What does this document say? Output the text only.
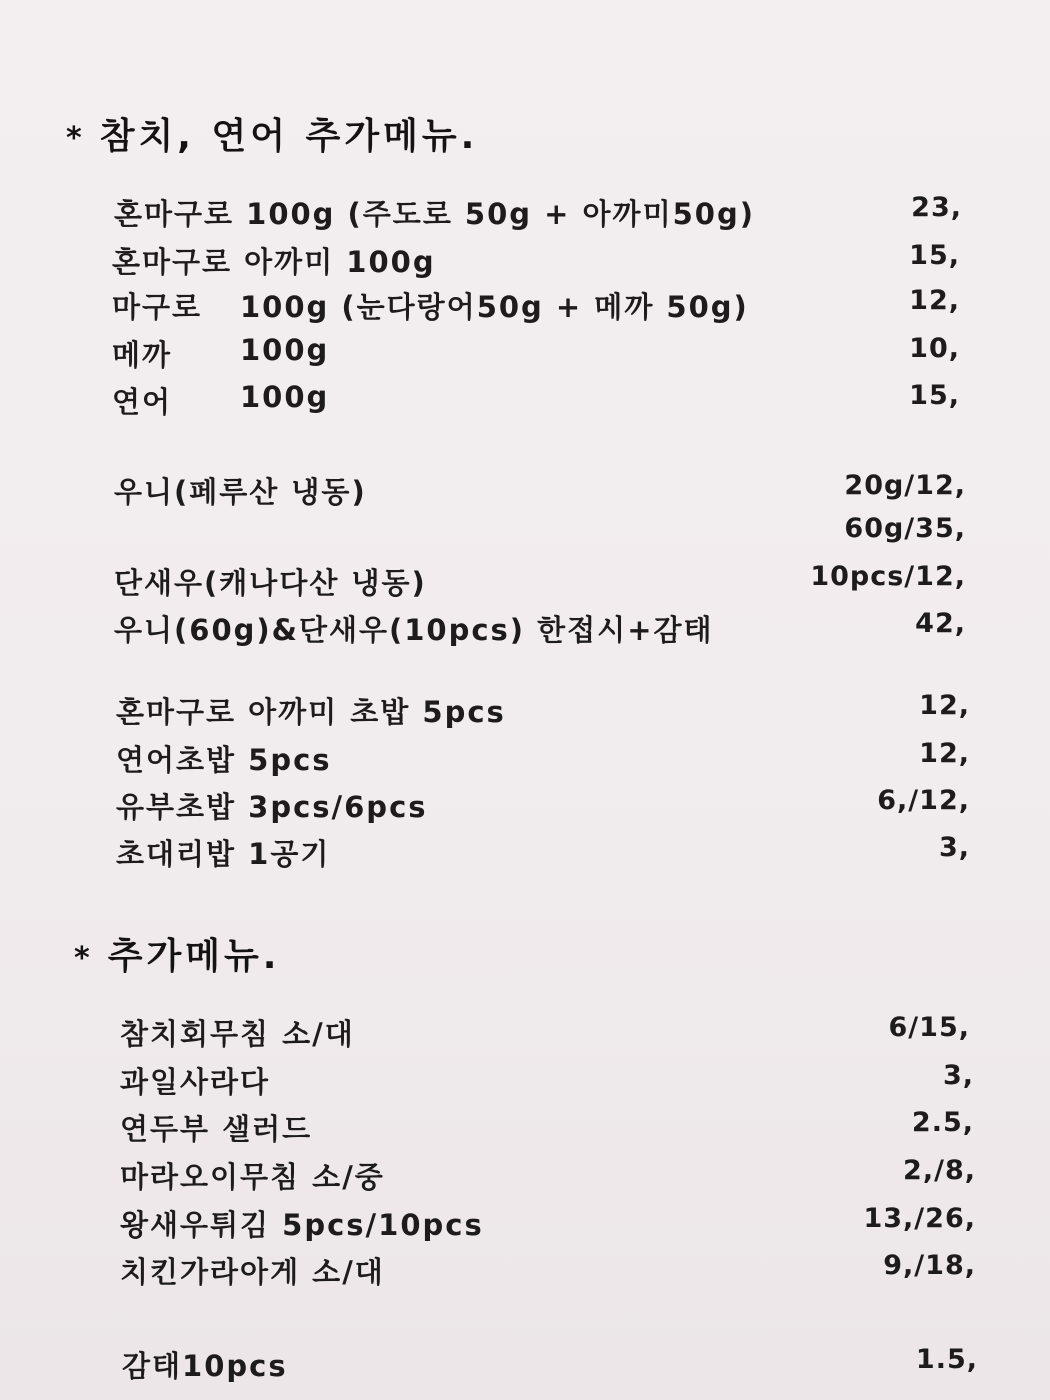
* 참치, 연어 추가메뉴.
혼마구로 100g (주도로 50g + 아까미50g)	23,
혼마구로 아까미 100g	15,
마구로 100g (눈다랑어50g + 메까 50g)	12,
메까 100g	10,
연어 100g	15,
우니(페루산 냉동)	20g/12,
60g/35,
단새우(캐나다산 냉동)	10pcs/12,
우니(60g)&단새우(10pcs) 한접시+감태	42,
혼마구로 아까미 초밥 5pcs	12,
연어초밥 5pcs	12,
유부초밥 3pcs/6pcs	6,/12,
초대리밥 1공기	3,
* 추가메뉴.
참치회무침 소/대	6/15,
과일사라다	3,
연두부 샐러드	2.5,
마라오이무침 소/중	2,/8,
왕새우튀김 5pcs/10pcs	13,/26,
치킨가라아게 소/대	9,/18,
감태10pcs	1.5,
